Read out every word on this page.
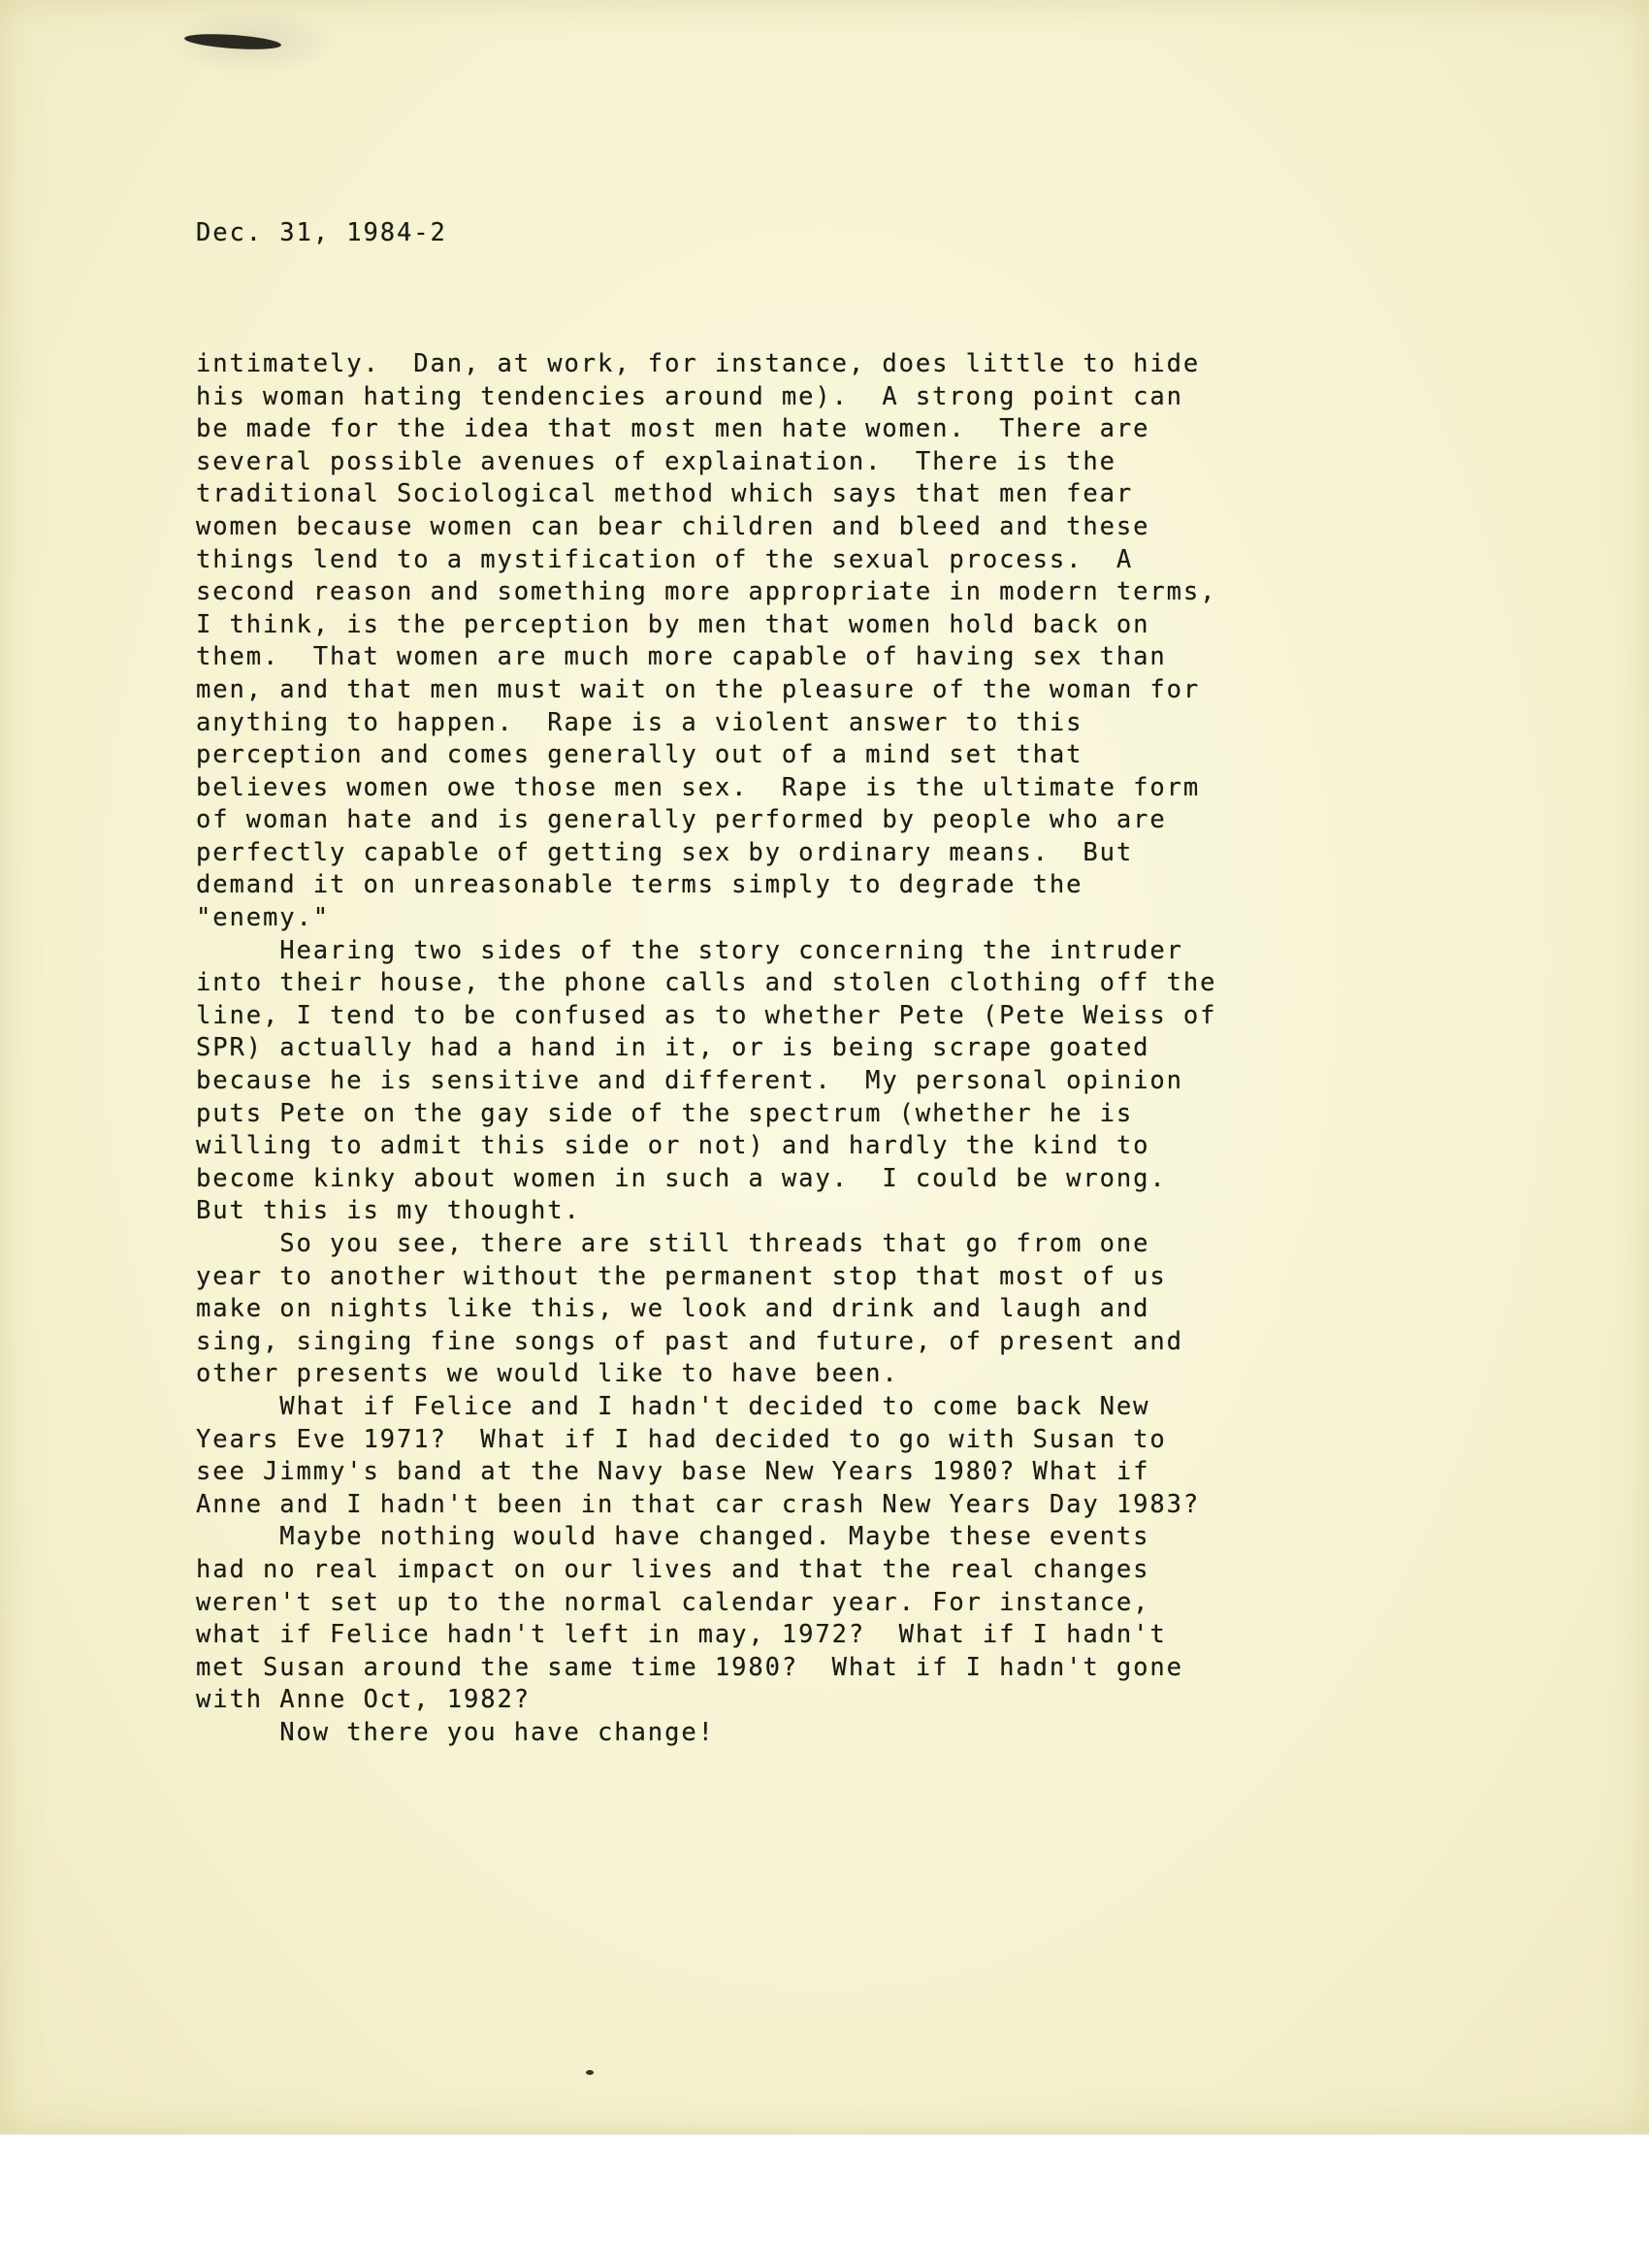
Dec. 31, 1984-2

intimately.  Dan, at work, for instance, does little to hide
his woman hating tendencies around me).  A strong point can
be made for the idea that most men hate women.  There are
several possible avenues of explaination.  There is the
traditional Sociological method which says that men fear
women because women can bear children and bleed and these
things lend to a mystification of the sexual process.  A
second reason and something more appropriate in modern terms,
I think, is the perception by men that women hold back on
them.  That women are much more capable of having sex than
men, and that men must wait on the pleasure of the woman for
anything to happen.  Rape is a violent answer to this
perception and comes generally out of a mind set that
believes women owe those men sex.  Rape is the ultimate form
of woman hate and is generally performed by people who are
perfectly capable of getting sex by ordinary means.  But
demand it on unreasonable terms simply to degrade the
"enemy."
Hearing two sides of the story concerning the intruder
into their house, the phone calls and stolen clothing off the
line, I tend to be confused as to whether Pete (Pete Weiss of
SPR) actually had a hand in it, or is being scrape goated
because he is sensitive and different.  My personal opinion
puts Pete on the gay side of the spectrum (whether he is
willing to admit this side or not) and hardly the kind to
become kinky about women in such a way.  I could be wrong.
But this is my thought.
So you see, there are still threads that go from one
year to another without the permanent stop that most of us
make on nights like this, we look and drink and laugh and
sing, singing fine songs of past and future, of present and
other presents we would like to have been.
What if Felice and I hadn't decided to come back New
Years Eve 1971?  What if I had decided to go with Susan to
see Jimmy's band at the Navy base New Years 1980? What if
Anne and I hadn't been in that car crash New Years Day 1983?
Maybe nothing would have changed. Maybe these events
had no real impact on our lives and that the real changes
weren't set up to the normal calendar year. For instance,
what if Felice hadn't left in may, 1972?  What if I hadn't
met Susan around the same time 1980?  What if I hadn't gone
with Anne Oct, 1982?
Now there you have change!
